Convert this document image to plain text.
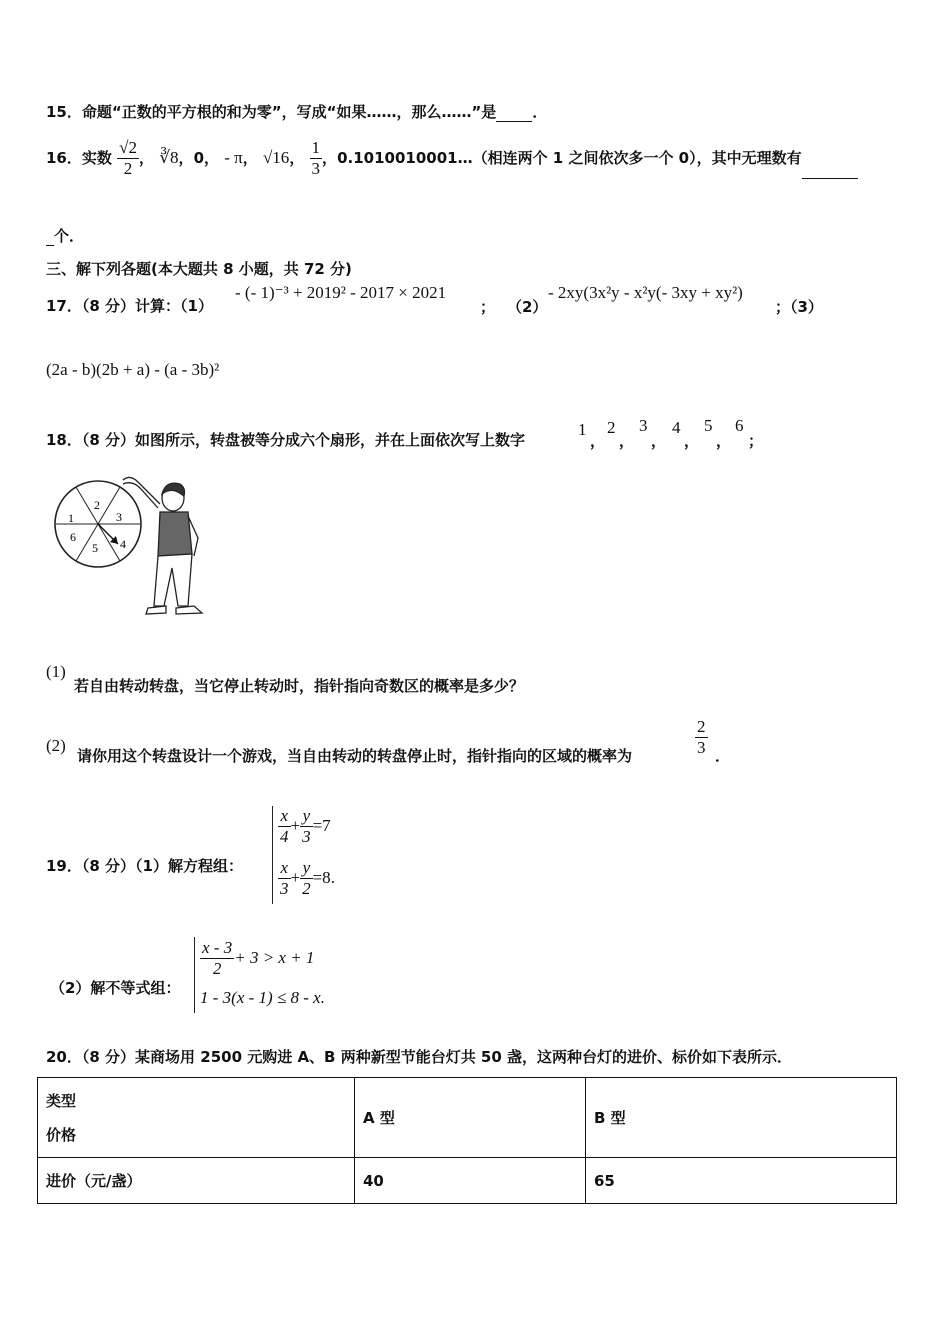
15．命题“正数的平方根的和为零”，写成“如果……，那么……”是 ．
16．实数 $\frac{√2}{2}$ ， ∛8，0， - π， √16， $\frac{1}{3}$ ，0.1010010001…（相连两个 1 之间依次多一个 0），其中无理数有
个．
三、解下列各题(本大题共 8 小题，共 72 分)
17．（8 分）计算：（1）
- (- 1)⁻³ + 2019² - 2017 × 2021
； （2）
- 2xy(3x²y - x²y(- 3xy + xy²)
；（3）
(2a - b)(2b + a) - (a - 3b)²
18．（8 分）如图所示，转盘被等分成六个扇形，并在上面依次写上数字
1
，
2
，
3
，
4
，
5
，
6
；
1
2
3
4
5
6
(1)
若自由转动转盘，当它停止转动时，指针指向奇数区的概率是多少？
(2)
请你用这个转盘设计一个游戏，当自由转动的转盘停止时，指针指向的区域的概率为	$\frac{2}{3}$ ．
19．（8 分）（1）解方程组：
$\frac{x}{4} + \frac{y}{3} =7$
$\frac{x}{3} + \frac{y}{2} =8$.
（2）解不等式组：
$\frac{x - 3}{2} + 3 > x + 1$
1 - 3(x - 1) ≤ 8 - x.
20．（8 分）某商场用 2500 元购进 A、B 两种新型节能台灯共 50 盏，这两种台灯的进价、标价如下表所示．
类型
价格	A 型	B 型
进价（元/盏）	40	65
